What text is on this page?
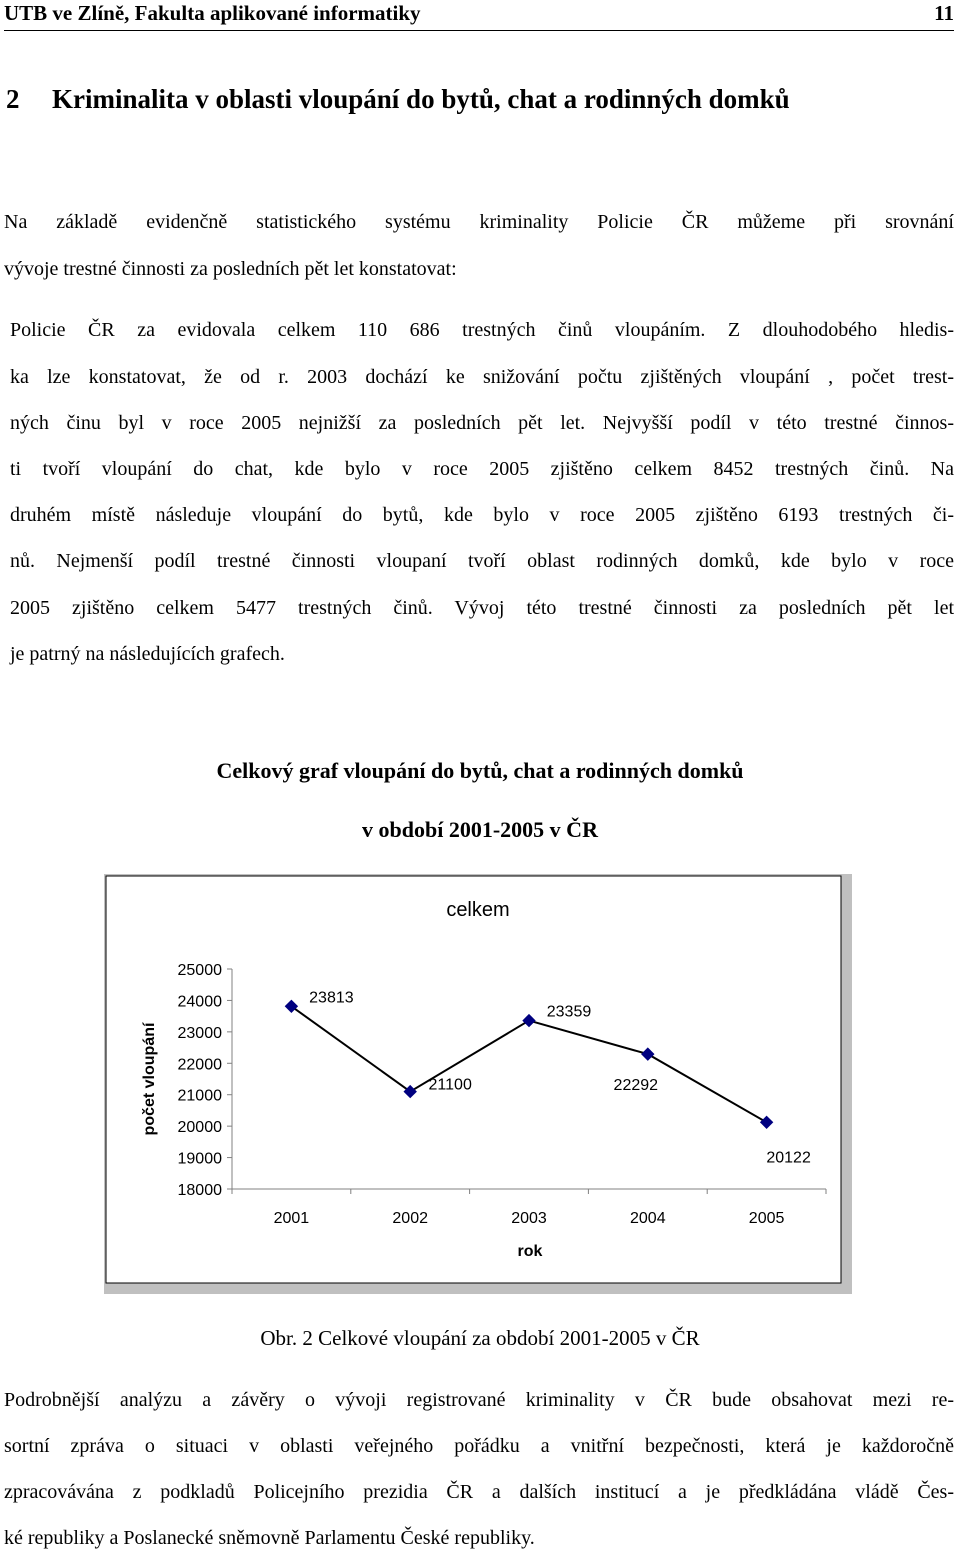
UTB ve Zlíně, Fakulta aplikované informatiky	11
2 Kriminalita v oblasti vloupání do bytů, chat a rodinných domků
Na základě evidenčně statistického systému kriminality Policie ČR můžeme při srovnání
vývoje trestné činnosti za posledních pět let konstatovat:
Policie ČR za evidovala celkem 110 686 trestných činů vloupáním. Z dlouhodobého hledis-
ka lze konstatovat, že od r. 2003 dochází ke snižování počtu zjištěných vloupání , počet trest-
ných činu byl v roce 2005 nejnižší za posledních pět let. Nejvyšší podíl v této trestné činnos-
ti tvoří vloupání do chat, kde bylo v roce 2005 zjištěno celkem 8452 trestných činů. Na
druhém místě následuje vloupání do bytů, kde bylo v roce 2005 zjištěno 6193 trestných či-
nů. Nejmenší podíl trestné činnosti vloupaní tvoří oblast rodinných domků, kde bylo v roce
2005 zjištěno celkem 5477 trestných činů. Vývoj této trestné činnosti za posledních pět let
je patrný na následujících grafech.
Celkový graf vloupání do bytů, chat a rodinných domků
v období 2001-2005 v ČR
celkem
18000
19000
20000
21000
22000
23000
24000
25000
2001	2002	2003	2004	2005
rok
počet vloupání
23813
21100
23359
22292
20122
Obr. 2 Celkové vloupání za období 2001-2005 v ČR
Podrobnější analýzu a závěry o vývoji registrované kriminality v ČR bude obsahovat mezi re-
sortní zpráva o situaci v oblasti veřejného pořádku a vnitřní bezpečnosti, která je každoročně
zpracovávána z podkladů Policejního prezidia ČR a dalších institucí a je předkládána vládě Čes-
ké republiky a Poslanecké sněmovně Parlamentu České republiky.
